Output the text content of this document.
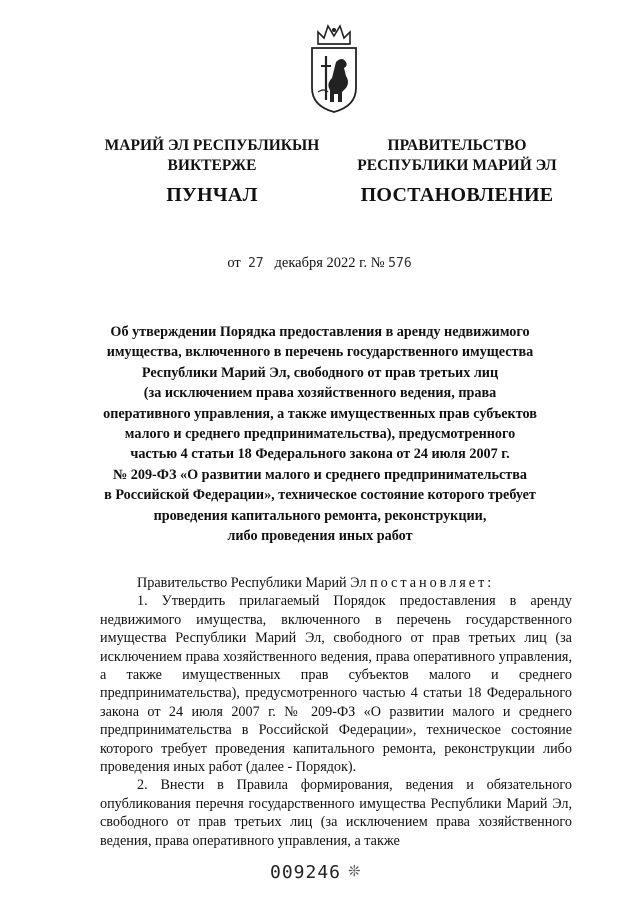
МАРИЙ ЭЛ РЕСПУБЛИКЫН
ВИКТЕРЖЕ
ПУНЧАЛ
ПРАВИТЕЛЬСТВО
РЕСПУБЛИКИ МАРИЙ ЭЛ
ПОСТАНОВЛЕНИЕ
от 27 декабря 2022 г. № 576
Об утверждении Порядка предоставления в аренду недвижимого
имущества, включенного в перечень государственного имущества
Республики Марий Эл, свободного от прав третьих лиц
(за исключением права хозяйственного ведения, права
оперативного управления, а также имущественных прав субъектов
малого и среднего предпринимательства), предусмотренного
частью 4 статьи 18 Федерального закона от 24 июля 2007 г.
№ 209-ФЗ «О развитии малого и среднего предпринимательства
в Российской Федерации», техническое состояние которого требует
проведения капитального ремонта, реконструкции,
либо проведения иных работ

Правительство Республики Марий Эл постановляет:

1. Утвердить прилагаемый Порядок предоставления в аренду недвижимого имущества, включенного в перечень государственного имущества Республики Марий Эл, свободного от прав третьих лиц (за исключением права хозяйственного ведения, права оперативного управления, а также имущественных прав субъектов малого и среднего предпринимательства), предусмотренного частью 4 статьи 18 Федерального закона от 24 июля 2007 г. № 209-ФЗ «О развитии малого и среднего предпринимательства в Российской Федерации», техническое состояние которого требует проведения капитального ремонта, реконструкции либо проведения иных работ (далее - Порядок).

2. Внести в Правила формирования, ведения и обязательного опубликования перечня государственного имущества Республики Марий Эл, свободного от прав третьих лиц (за исключением права хозяйственного ведения, права оперативного управления, а также

009246 ❊
